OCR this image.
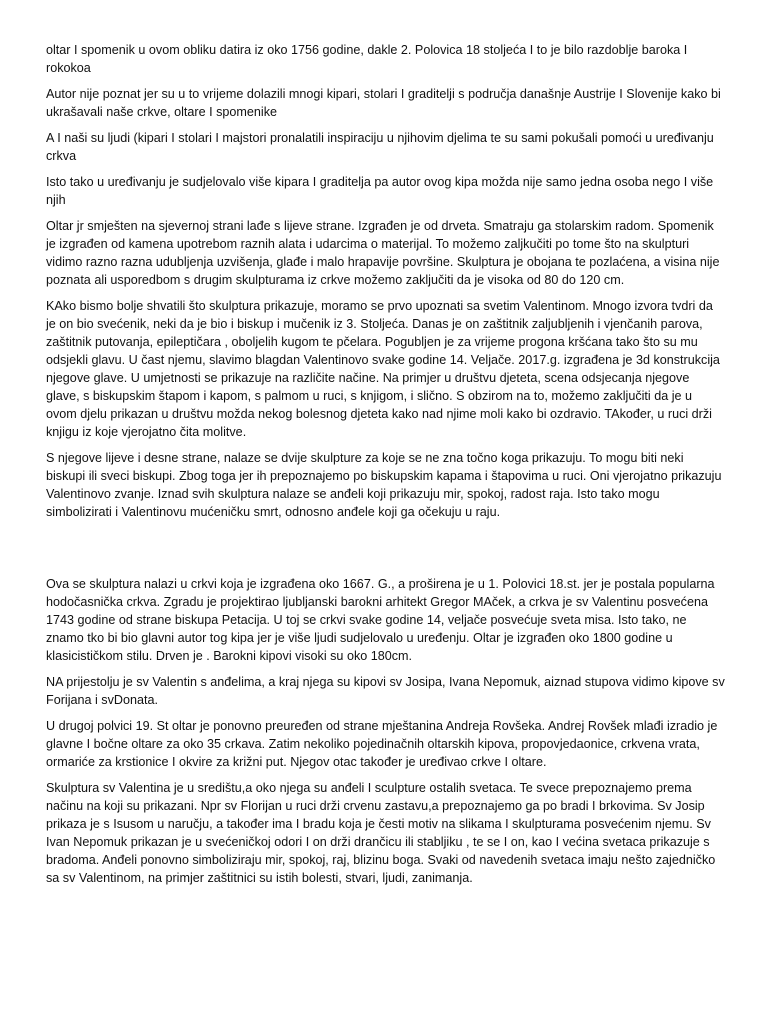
oltar I spomenik u ovom obliku datira iz oko 1756 godine, dakle 2. Polovica 18 stoljeća I to je bilo razdoblje baroka I rokokoa

Autor nije poznat jer su u to vrijeme dolazili mnogi kipari, stolari I graditelji s područja današnje Austrije I Slovenije kako bi ukrašavali naše crkve, oltare I spomenike

A I naši su ljudi (kipari I stolari I majstori pronalatili inspiraciju u njihovim djelima te su sami pokušali pomoći u uređivanju crkva

Isto tako u uređivanju je sudjelovalo više kipara I graditelja pa autor ovog kipa možda nije samo jedna osoba nego I više njih

Oltar jr smješten na sjevernoj strani lađe s lijeve strane. Izgrađen je od drveta. Smatraju ga stolarskim radom. Spomenik je izgrađen od kamena upotrebom raznih alata i udarcima o materijal. To možemo zaljkučiti po tome što na skulpturi vidimo razno razna udubljenja uzvišenja, glađe i malo hrapavije površine. Skulptura je obojana te pozlaćena, a visina nije poznata ali usporedbom s drugim skulpturama iz crkve možemo zaključiti da je visoka od 80 do 120 cm.

KAko bismo bolje shvatili što skulptura prikazuje, moramo se prvo upoznati sa svetim Valentinom. Mnogo izvora tvdri da je on bio svećenik, neki da je bio i biskup i mučenik iz 3. Stoljeća. Danas je on zaštitnik zaljubljenih i vjenčanih parova, zaštitnik putovanja, epileptičara , oboljelih kugom te pčelara. Pogubljen je za vrijeme progona kršćana tako što su mu odsjekli glavu. U čast njemu, slavimo blagdan Valentinovo svake godine 14. Veljače. 2017.g. izgrađena je 3d konstrukcija njegove glave. U umjetnosti se prikazuje na različite načine. Na primjer u društvu djeteta, scena odsjecanja njegove glave, s biskupskim štapom i kapom, s palmom u ruci, s knjigom, i slično. S obzirom na to, možemo zaključiti da je u ovom djelu prikazan u društvu možda nekog bolesnog djeteta kako nad njime moli kako bi ozdravio. TAkođer, u ruci drži knjigu iz koje vjerojatno čita molitve.

S njegove lijeve i desne strane, nalaze se dvije skulpture za koje se ne zna točno koga prikazuju. To mogu biti neki biskupi ili sveci biskupi. Zbog toga jer ih prepoznajemo po biskupskim kapama i štapovima u ruci. Oni vjerojatno prikazuju Valentinovo zvanje. Iznad svih skulptura nalaze se anđeli koji prikazuju mir, spokoj, radost raja. Isto tako mogu simbolizirati i Valentinovu mućeničku smrt, odnosno anđele koji ga očekuju u raju.

Ova se skulptura nalazi u crkvi koja je izgrađena oko 1667. G., a proširena je u 1. Polovici 18.st. jer je postala popularna hodočasnička crkva. Zgradu je projektirao ljubljanski barokni arhitekt Gregor MAček, a crkva je sv Valentinu posvećena 1743 godine od strane biskupa Petacija. U toj se crkvi svake godine 14, veljače posvećuje sveta misa. Isto tako, ne znamo tko bi bio glavni autor tog kipa jer je više ljudi sudjelovalo u uređenju. Oltar je izgrađen oko 1800 godine u klasicističkom stilu. Drven je . Barokni kipovi visoki su oko 180cm.

NA prijestolju je sv Valentin s anđelima, a kraj njega su kipovi sv Josipa, Ivana Nepomuk, aiznad stupova vidimo kipove sv Forijana i svDonata.

U drugoj polvici 19. St oltar je ponovno preuređen od strane mještanina Andreja Rovšeka. Andrej Rovšek mlađi izradio je glavne I bočne oltare za oko 35 crkava. Zatim nekoliko pojedinačnih oltarskih kipova, propovjedaonice, crkvena vrata, ormariće za krstionice I okvire za križni put. Njegov otac također je uređivao crkve I oltare.

Skulptura sv Valentina je u središtu,a oko njega su anđeli I sculpture ostalih svetaca. Te svece prepoznajemo prema načinu na koji su prikazani. Npr sv Florijan u ruci drži crvenu zastavu,a prepoznajemo ga po bradi I brkovima. Sv Josip prikaza je s Isusom u naručju, a također ima I bradu koja je česti motiv na slikama I skulpturama posvećenim njemu. Sv Ivan Nepomuk prikazan je u svećeničkoj odori I on drži drančicu ili stabljiku , te se I on, kao I većina svetaca prikazuje s bradoma. Anđeli ponovno simboliziraju mir, spokoj, raj, blizinu boga. Svaki od navedenih svetaca imaju nešto zajedničko sa sv Valentinom, na primjer zaštitnici su istih bolesti, stvari, ljudi, zanimanja.
